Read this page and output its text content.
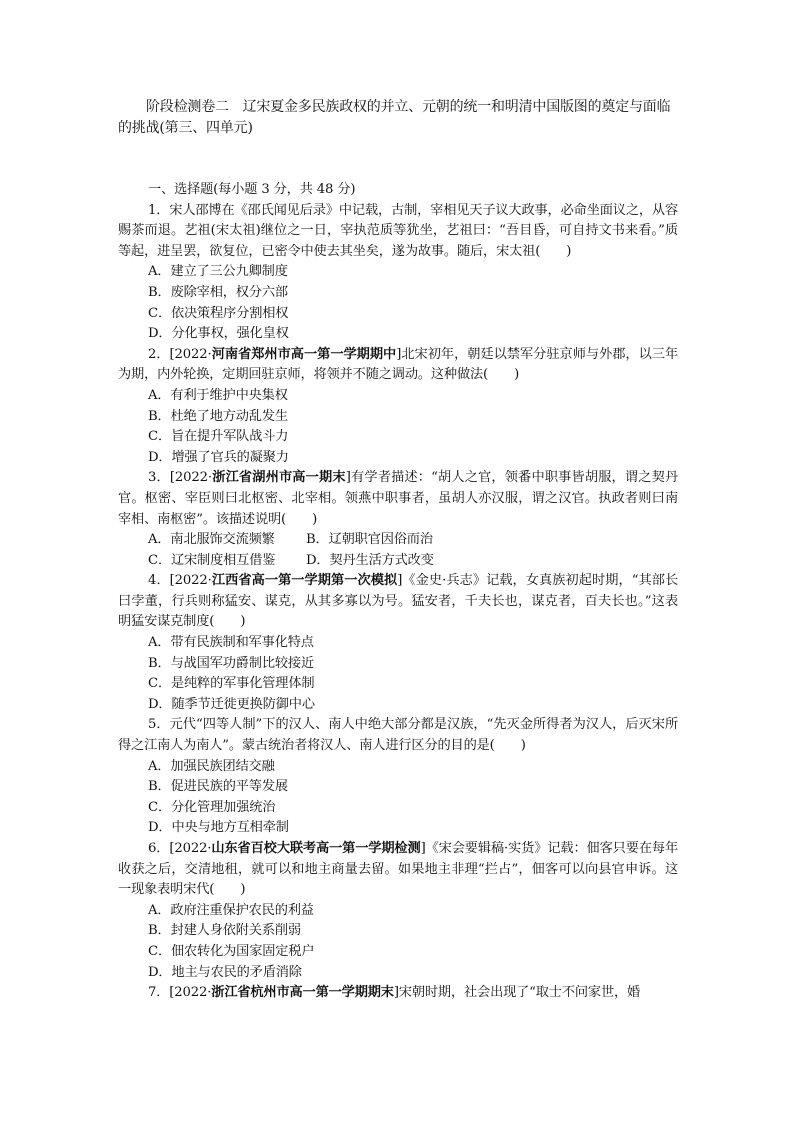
阶段检测卷二　辽宋夏金多民族政权的并立、元朝的统一和明清中国版图的奠定与面临
的挑战(第三、四单元)

一、选择题(每小题 3 分，共 48 分)

1．宋人邵博在《邵氏闻见后录》中记载，古制，宰相见天子议大政事，必命坐面议之，从容赐茶而退。艺祖(宋太祖)继位之一日，宰执范质等犹坐，艺祖曰：“吾目昏，可自持文书来看。”质等起，进呈罢，欲复位，已密令中使去其坐矣，遂为故事。随后，宋太祖(　　)

A．建立了三公九卿制度

B．废除宰相，权分六部

C．依决策程序分割相权

D．分化事权，强化皇权

2．[2022·河南省郑州市高一第一学期期中]北宋初年，朝廷以禁军分驻京师与外郡，以三年为期，内外轮换，定期回驻京师，将领并不随之调动。这种做法(　　)

A．有利于维护中央集权

B．杜绝了地方动乱发生

C．旨在提升军队战斗力

D．增强了官兵的凝聚力

3．[2022·浙江省湖州市高一期末]有学者描述：“胡人之官，领番中职事皆胡服，谓之契丹官。枢密、宰臣则曰北枢密、北宰相。领燕中职事者，虽胡人亦汉服，谓之汉官。执政者则曰南宰相、南枢密”。该描述说明(　　)

A．南北服饰交流频繁 B．辽朝职官因俗而治

C．辽宋制度相互借鉴 D．契丹生活方式改变

4．[2022·江西省高一第一学期第一次模拟]《金史·兵志》记载，女真族初起时期，“其部长曰孛董，行兵则称猛安、谋克，从其多寡以为号。猛安者，千夫长也，谋克者，百夫长也。”这表明猛安谋克制度(　　)

A．带有民族制和军事化特点

B．与战国军功爵制比较接近

C．是纯粹的军事化管理体制

D．随季节迁徙更换防御中心

5．元代“四等人制”下的汉人、南人中绝大部分都是汉族，“先灭金所得者为汉人，后灭宋所得之江南人为南人”。蒙古统治者将汉人、南人进行区分的目的是(　　)

A．加强民族团结交融

B．促进民族的平等发展

C．分化管理加强统治

D．中央与地方互相牵制

6．[2022·山东省百校大联考高一第一学期检测]《宋会要辑稿·实货》记载：佃客只要在每年收获之后，交清地租，就可以和地主商量去留。如果地主非理“拦占”，佃客可以向县官申诉。这一现象表明宋代(　　)

A．政府注重保护农民的利益

B．封建人身依附关系削弱

C．佃农转化为国家固定税户

D．地主与农民的矛盾消除

7．[2022·浙江省杭州市高一第一学期期末]宋朝时期，社会出现了“取士不问家世，婚
